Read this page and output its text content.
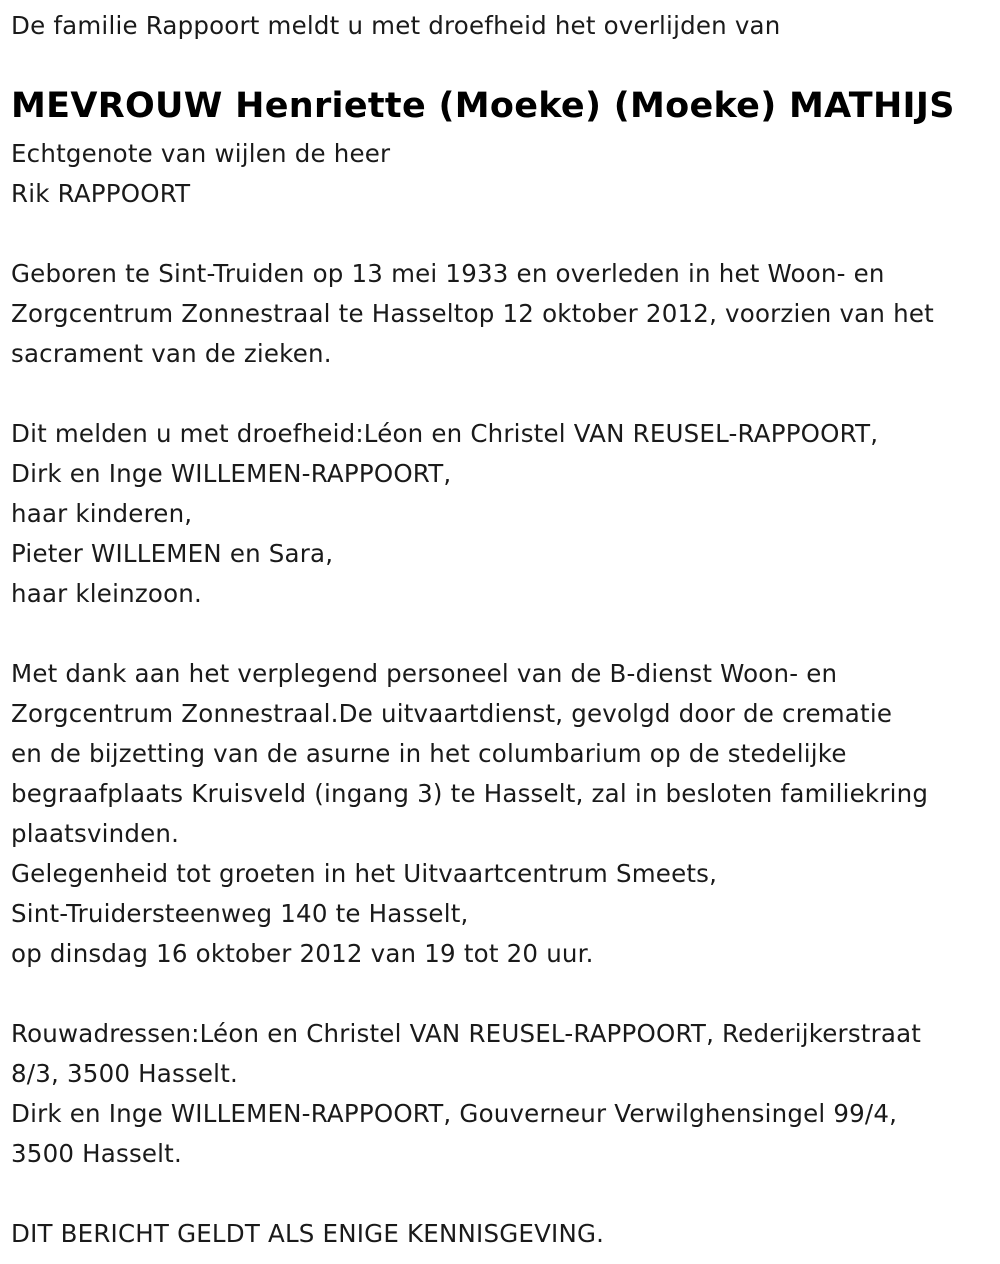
De familie Rappoort meldt u met droefheid het overlijden van
MEVROUW Henriette (Moeke) (Moeke) MATHIJS
Echtgenote van wijlen de heer
Rik RAPPOORT
Geboren te Sint-Truiden op 13 mei 1933 en overleden in het Woon- en
Zorgcentrum Zonnestraal te Hasseltop 12 oktober 2012, voorzien van het
sacrament van de zieken.
Dit melden u met droefheid:Léon en Christel VAN REUSEL-RAPPOORT,
Dirk en Inge WILLEMEN-RAPPOORT,
haar kinderen,
Pieter WILLEMEN en Sara,
haar kleinzoon.
Met dank aan het verplegend personeel van de B-dienst Woon- en
Zorgcentrum Zonnestraal.De uitvaartdienst, gevolgd door de crematie
en de bijzetting van de asurne in het columbarium op de stedelijke
begraafplaats Kruisveld (ingang 3) te Hasselt, zal in besloten familiekring
plaatsvinden.
Gelegenheid tot groeten in het Uitvaartcentrum Smeets,
Sint-Truidersteenweg 140 te Hasselt,
op dinsdag 16 oktober 2012 van 19 tot 20 uur.
Rouwadressen:Léon en Christel VAN REUSEL-RAPPOORT, Rederijkerstraat
8/3, 3500 Hasselt.
Dirk en Inge WILLEMEN-RAPPOORT, Gouverneur Verwilghensingel 99/4,
3500 Hasselt.
DIT BERICHT GELDT ALS ENIGE KENNISGEVING.
